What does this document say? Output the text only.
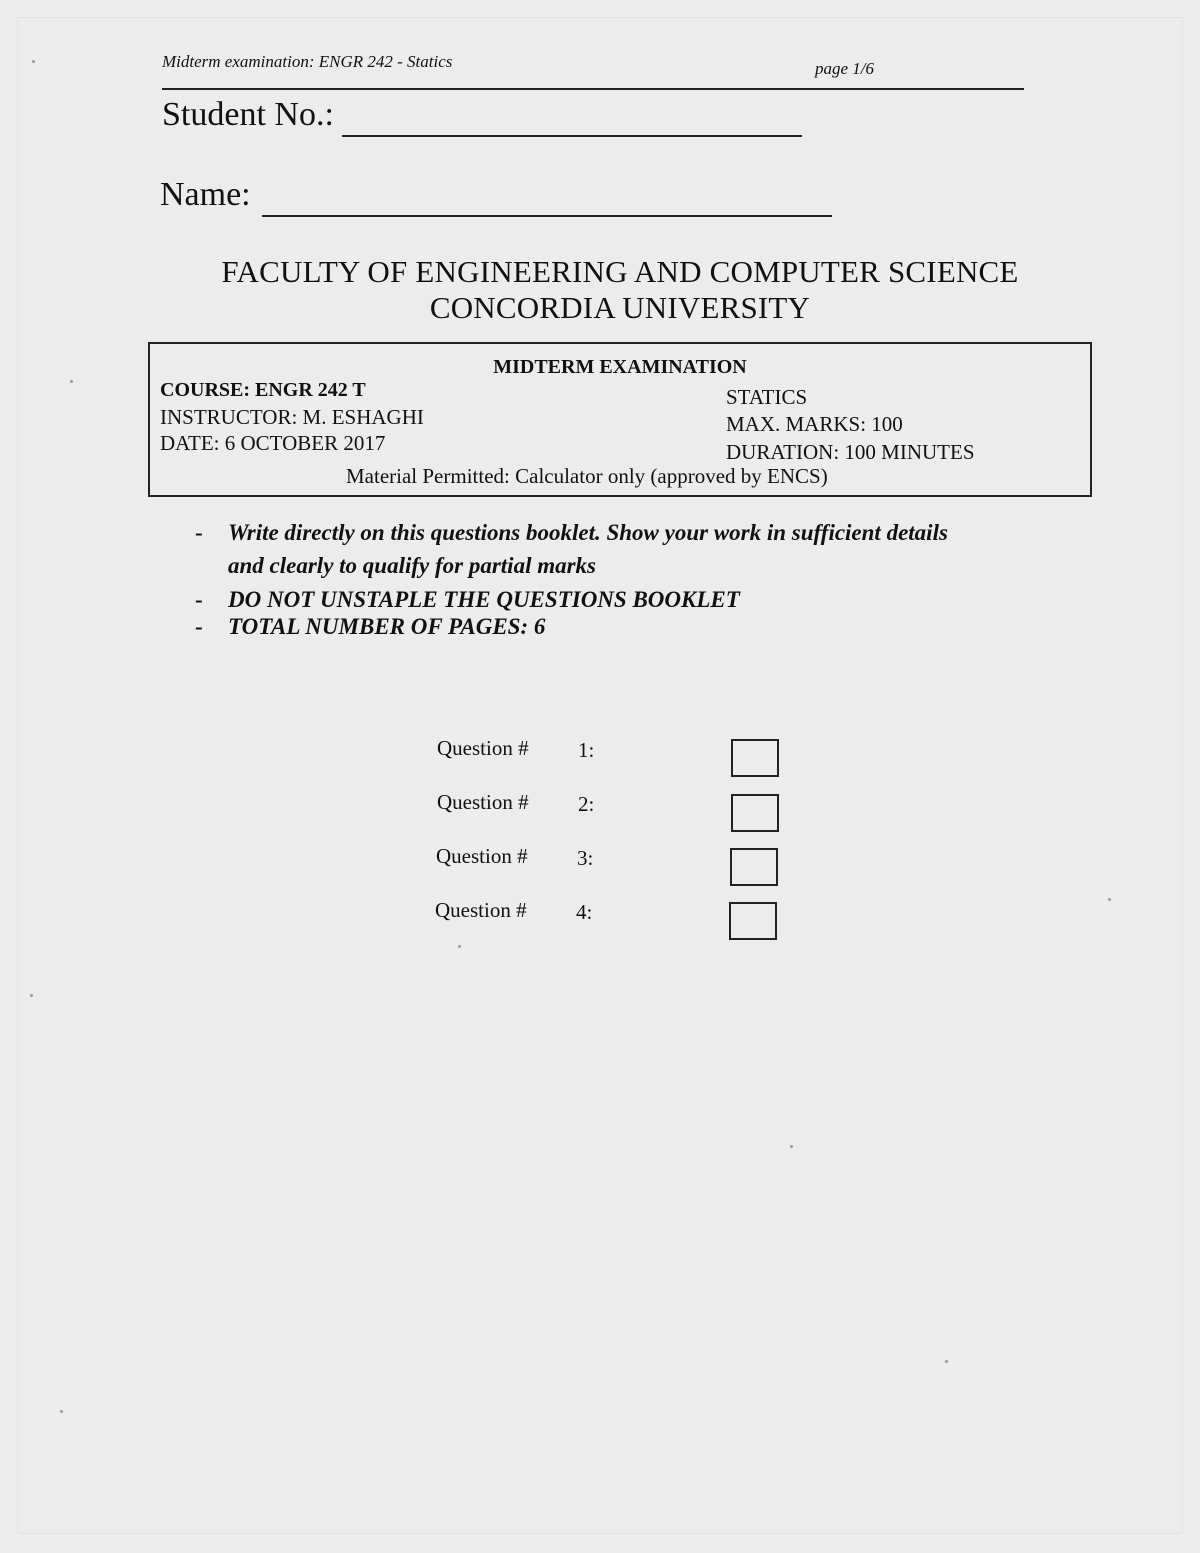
Midterm examination: ENGR 242 - Statics	page 1/6
Student No.:
Name:
FACULTY OF ENGINEERING AND COMPUTER SCIENCE
CONCORDIA UNIVERSITY
MIDTERM EXAMINATION
COURSE: ENGR 242 T
INSTRUCTOR: M. ESHAGHI
DATE: 6 OCTOBER 2017
STATICS
MAX. MARKS: 100
DURATION: 100 MINUTES
Material Permitted: Calculator only (approved by ENCS)
- Write directly on this questions booklet. Show your work in sufficient details
and clearly to qualify for partial marks
- DO NOT UNSTAPLE THE QUESTIONS BOOKLET
- TOTAL NUMBER OF PAGES: 6
Question # 1:
Question # 2:
Question # 3:
Question # 4:
